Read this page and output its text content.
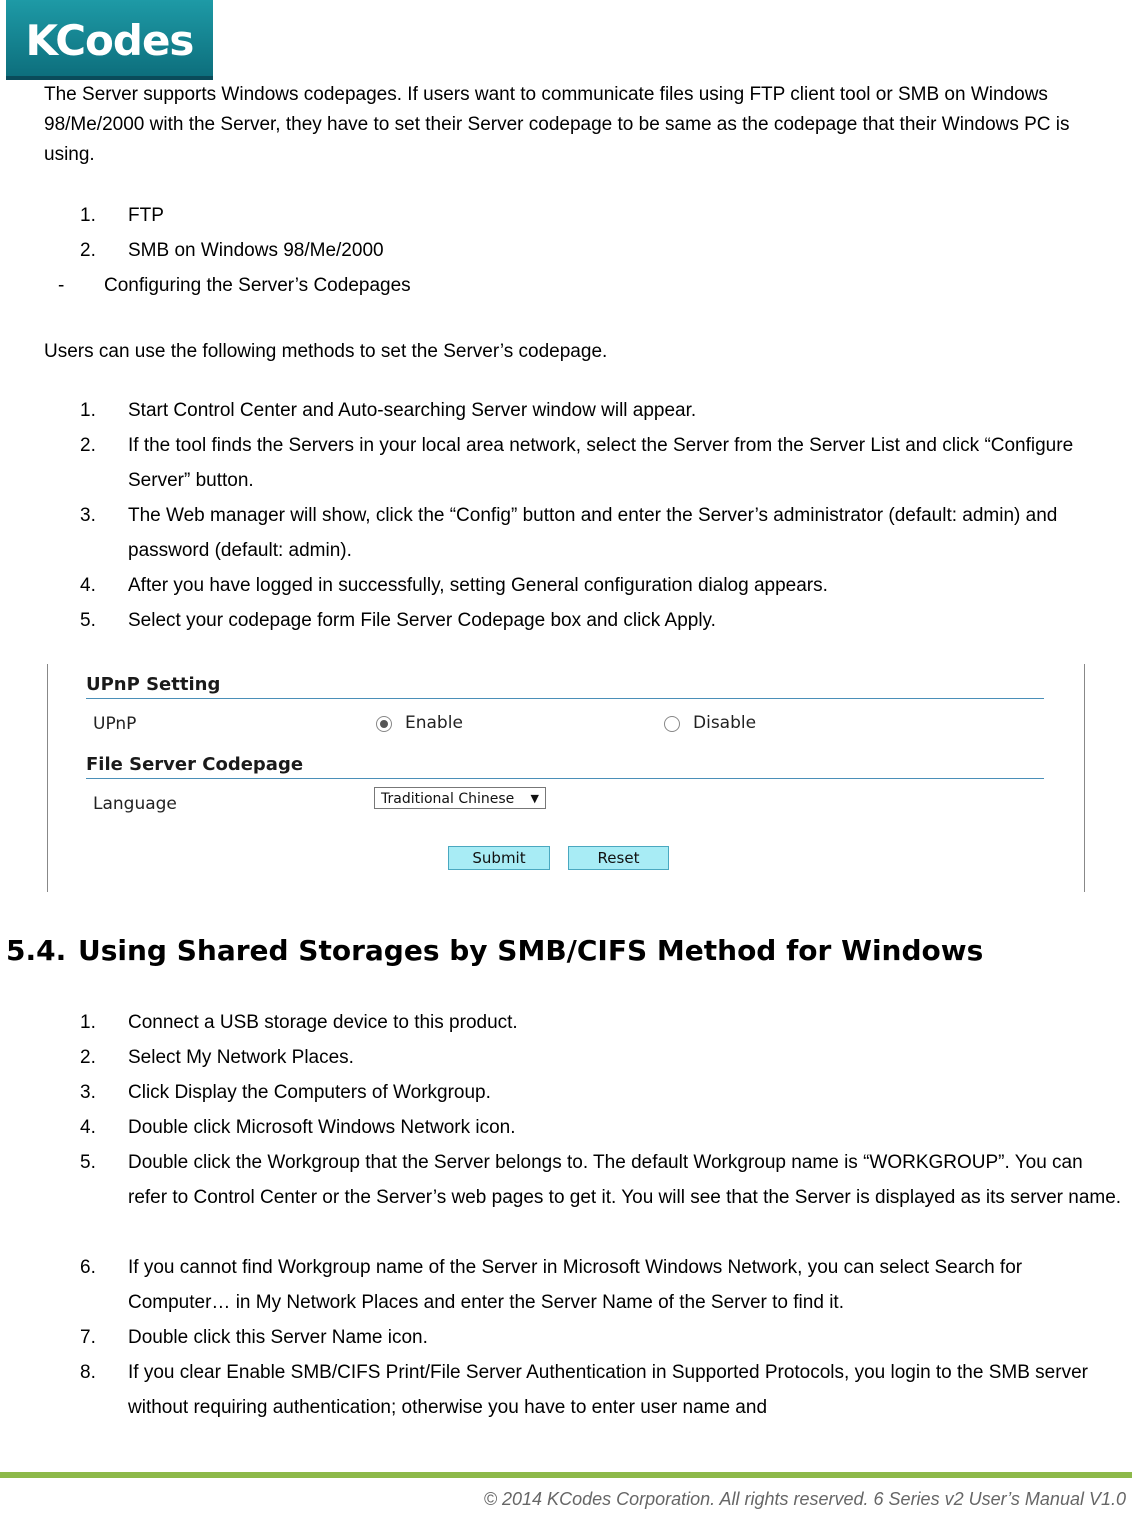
KCodes
The Server supports Windows codepages. If users want to communicate files using FTP client tool or SMB on Windows 98/Me/2000 with the Server, they have to set their Server codepage to be same as the codepage that their Windows PC is using.
1.	FTP
2.	SMB on Windows 98/Me/2000
- Configuring the Server’s Codepages
Users can use the following methods to set the Server’s codepage.
1.	Start Control Center and Auto-searching Server window will appear.
2.	If the tool finds the Servers in your local area network, select the Server from the Server List and click “Configure Server” button.
3.	The Web manager will show, click the “Config” button and enter the Server’s administrator (default: admin) and password (default: admin).
4.	After you have logged in successfully, setting General configuration dialog appears.
5.	Select your codepage form File Server Codepage box and click Apply.
UPnP Setting
UPnP	Enable	Disable
File Server Codepage
Language	Traditional Chinese ▼
Submit	Reset
5.4. Using Shared Storages by SMB/CIFS Method for Windows
1.	Connect a USB storage device to this product.
2.	Select My Network Places.
3.	Click Display the Computers of Workgroup.
4.	Double click Microsoft Windows Network icon.
5.	Double click the Workgroup that the Server belongs to. The default Workgroup name is “WORKGROUP”. You can refer to Control Center or the Server’s web pages to get it. You will see that the Server is displayed as its server name.
6.	If you cannot find Workgroup name of the Server in Microsoft Windows Network, you can select Search for Computer… in My Network Places and enter the Server Name of the Server to find it.
7.	Double click this Server Name icon.
8.	If you clear Enable SMB/CIFS Print/File Server Authentication in Supported Protocols, you login to the SMB server without requiring authentication; otherwise you have to enter user name and
© 2014 KCodes Corporation. All rights reserved. 6 Series v2 User’s Manual V1.0
